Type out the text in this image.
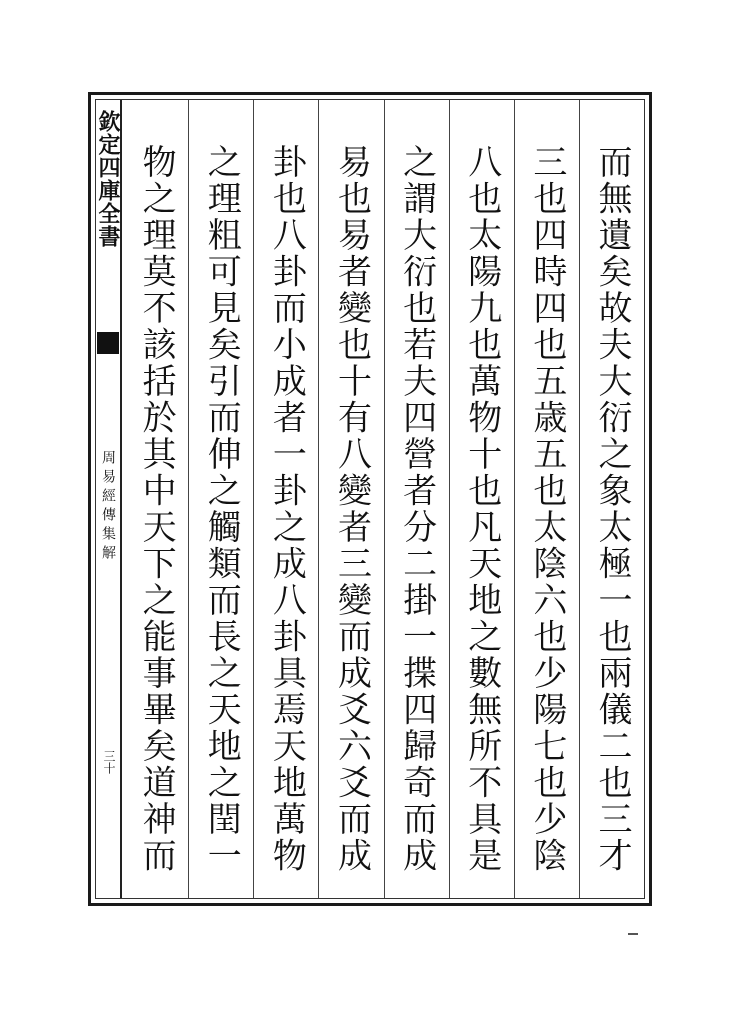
欽定四庫全書
周易經傳集解
三十	而無遺矣故夫大衍之象太極一也兩儀二也三才
三也四時四也五歳五也太陰六也少陽七也少陰
八也太陽九也萬物十也凡天地之數無所不具是
之謂大衍也若夫四營者分二掛一揲四歸奇而成
易也易者變也十有八變者三變而成爻六爻而成
卦也八卦而小成者一卦之成八卦具焉天地萬物
之理粗可見矣引而伸之觸類而長之天地之閏一
物之理莫不該括於其中天下之能事畢矣道神而
